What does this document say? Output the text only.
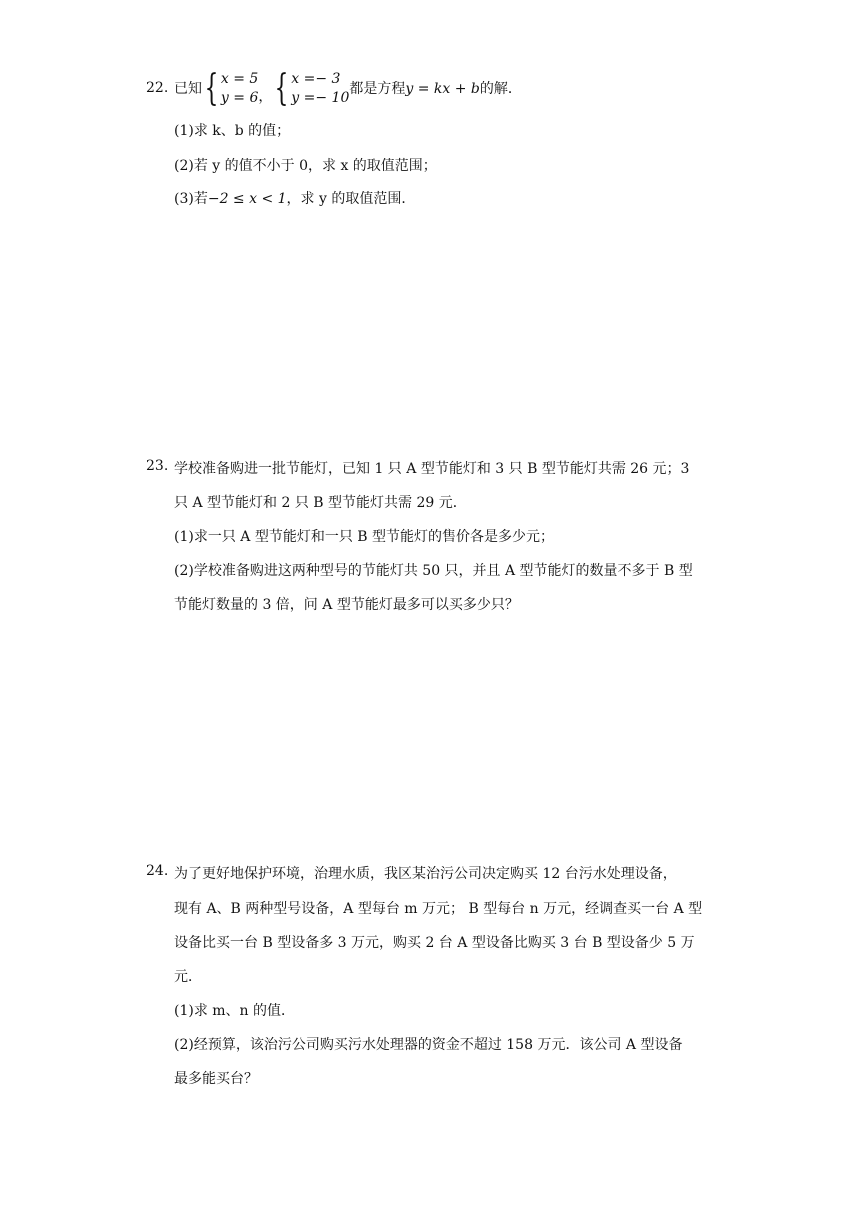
22. 已知{ x = 5
y = 6 ，{ x =− 3
y =− 10
都是方程y = kx + b的解．
(1)求 k、b 的值；
(2)若 y 的值不小于 0，求 x 的取值范围；
(3)若−2 ≤ x < 1，求 y 的取值范围．
23. 学校准备购进一批节能灯，已知 1 只 A 型节能灯和 3 只 B 型节能灯共需 26 元；3
只 A 型节能灯和 2 只 B 型节能灯共需 29 元．
(1)求一只 A 型节能灯和一只 B 型节能灯的售价各是多少元；
(2)学校准备购进这两种型号的节能灯共 50 只，并且 A 型节能灯的数量不多于 B 型
节能灯数量的 3 倍，问 A 型节能灯最多可以买多少只？
24. 为了更好地保护环境，治理水质，我区某治污公司决定购买 12 台污水处理设备，
现有 A、B 两种型号设备，A 型每台 m 万元； B 型每台 n 万元，经调查买一台 A 型
设备比买一台 B 型设备多 3 万元，购买 2 台 A 型设备比购买 3 台 B 型设备少 5 万
元．
(1)求 m、n 的值．
(2)经预算，该治污公司购买污水处理器的资金不超过 158 万元．该公司 A 型设备
最多能买台？
